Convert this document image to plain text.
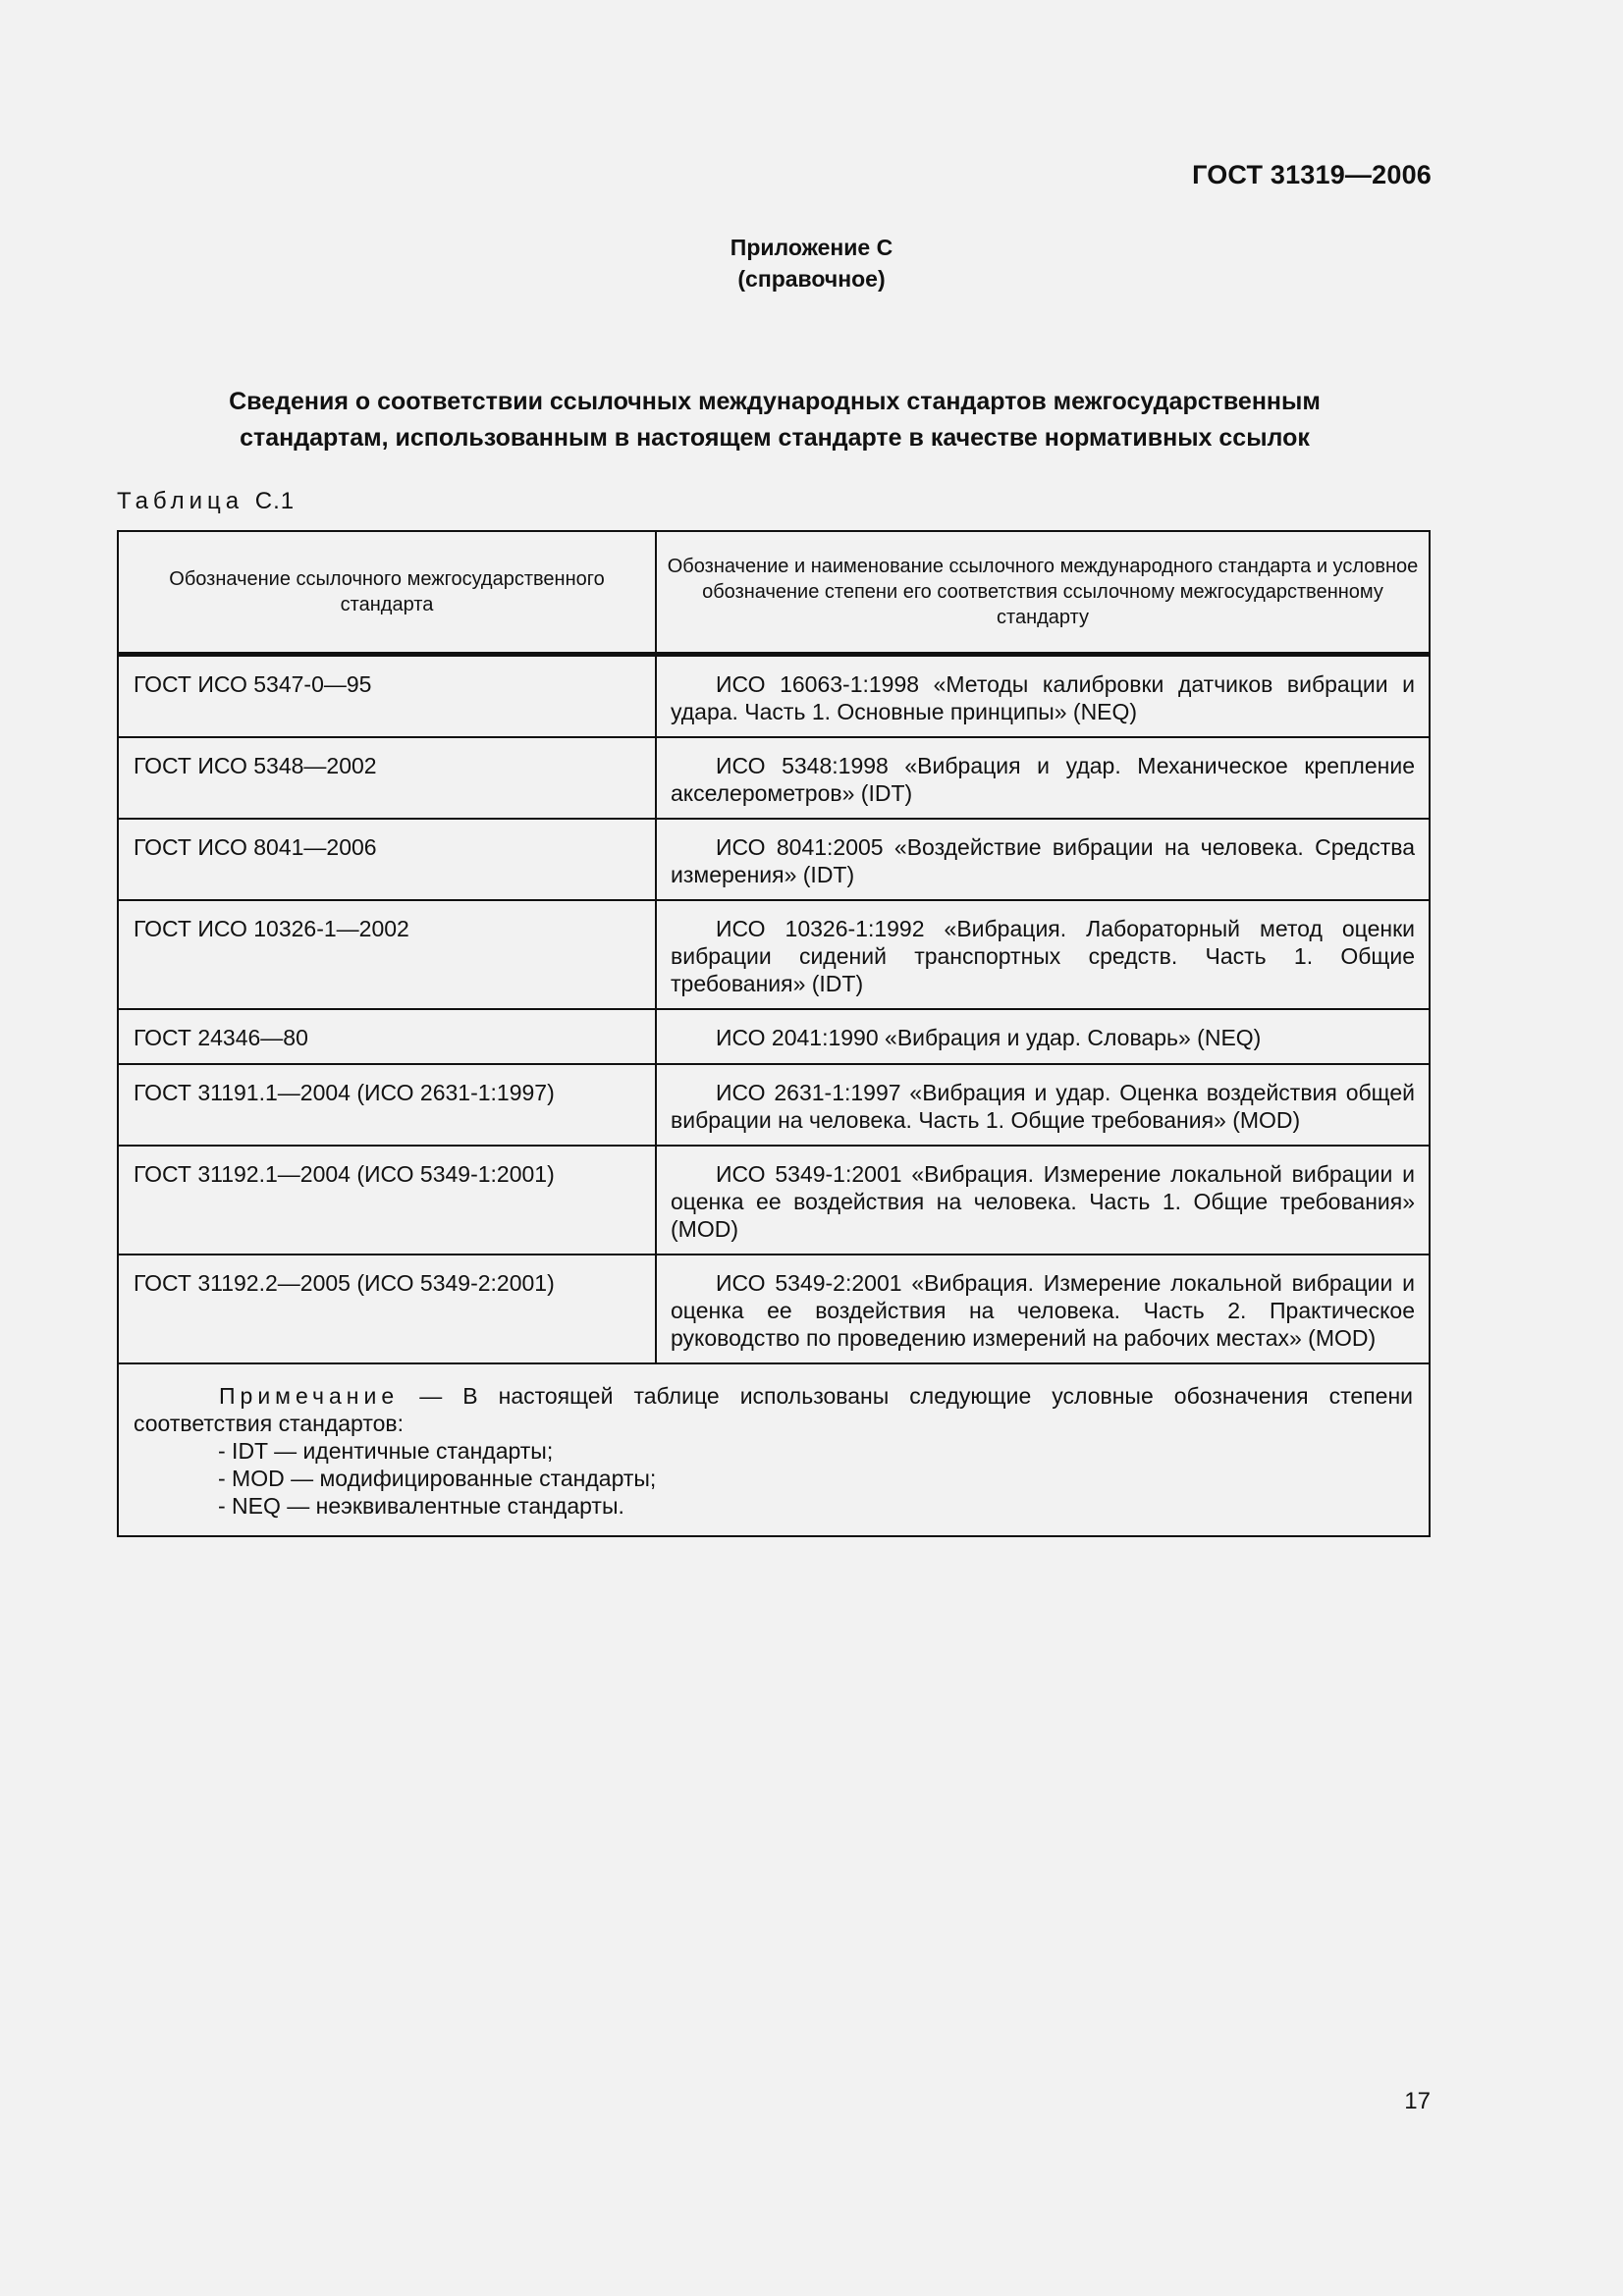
ГОСТ 31319—2006
Приложение С
(справочное)
Сведения о соответствии ссылочных международных стандартов межгосударственным
стандартам, использованным в настоящем стандарте в качестве нормативных ссылок
Таблица С.1
Обозначение ссылочного межгосударственного стандарта	Обозначение и наименование ссылочного международного стандарта и условное обозначение степени его соответствия ссылочному межгосударственному стандарту

ГОСТ ИСО 5347-0—95	ИСО 16063-1:1998 «Методы калибровки датчиков вибрации и удара. Часть 1. Основные принципы» (NEQ)
ГОСТ ИСО 5348—2002	ИСО 5348:1998 «Вибрация и удар. Механическое крепление акселерометров» (IDT)
ГОСТ ИСО 8041—2006	ИСО 8041:2005 «Воздействие вибрации на человека. Средства измерения» (IDT)
ГОСТ ИСО 10326-1—2002	ИСО 10326-1:1992 «Вибрация. Лабораторный метод оценки вибрации сидений транспортных средств. Часть 1. Общие требования» (IDT)
ГОСТ 24346—80	ИСО 2041:1990 «Вибрация и удар. Словарь» (NEQ)
ГОСТ 31191.1—2004 (ИСО 2631-1:1997)	ИСО 2631-1:1997 «Вибрация и удар. Оценка воздействия общей вибрации на человека. Часть 1. Общие требования» (MOD)
ГОСТ 31192.1—2004 (ИСО 5349-1:2001)	ИСО 5349-1:2001 «Вибрация. Измерение локальной вибрации и оценка ее воздействия на человека. Часть 1. Общие требования» (MOD)
ГОСТ 31192.2—2005 (ИСО 5349-2:2001)	ИСО 5349-2:2001 «Вибрация. Измерение локальной вибрации и оценка ее воздействия на человека. Часть 2. Практическое руководство по проведению измерений на рабочих местах» (MOD)

Примечание — В настоящей таблице использованы следующие условные обозначения степени соответствия стандартов:
- IDT — идентичные стандарты;
- MOD — модифицированные стандарты;
- NEQ — неэквивалентные стандарты.	
17
